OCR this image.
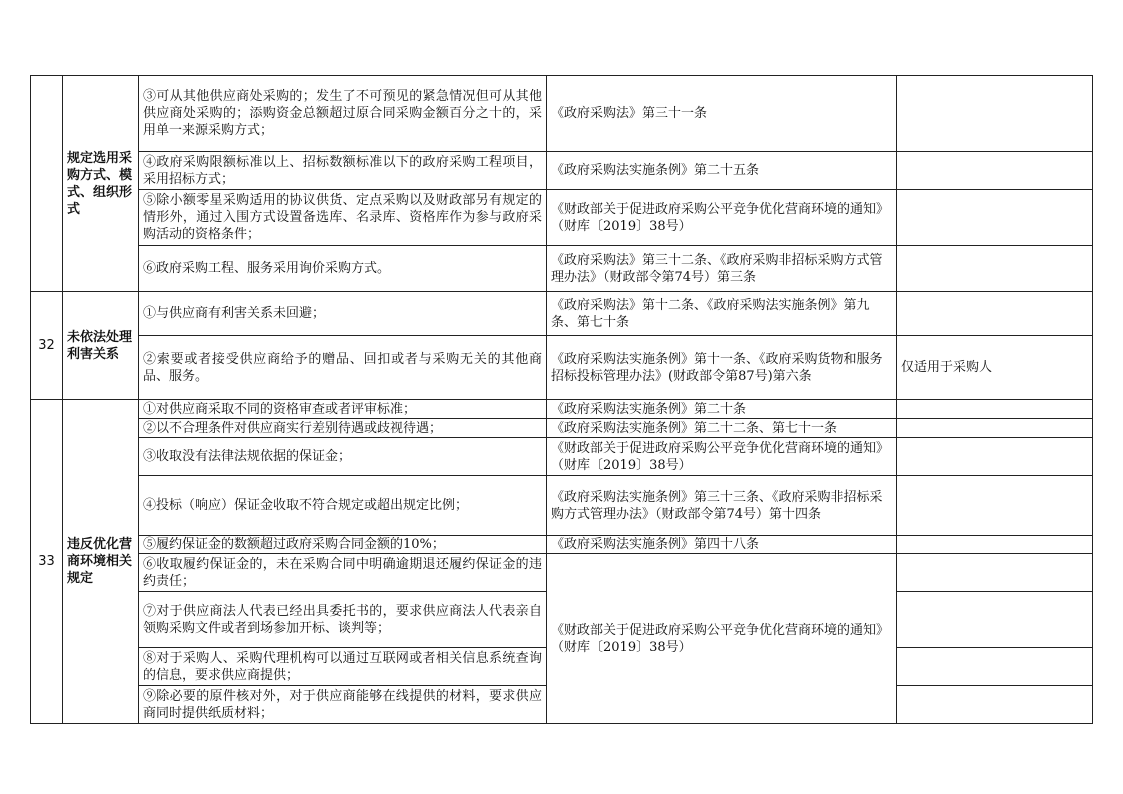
	规定选用采购方式、模式、组织形式	③可从其他供应商处采购的；发生了不可预见的紧急情况但可从其他供应商处采购的；添购资金总额超过原合同采购金额百分之十的，采用单一来源采购方式；	《政府采购法》第三十一条	
		④政府采购限额标准以上、招标数额标准以下的政府采购工程项目，采用招标方式；	《政府采购法实施条例》第二十五条	
		⑤除小额零星采购适用的协议供货、定点采购以及财政部另有规定的情形外，通过入围方式设置备选库、名录库、资格库作为参与政府采购活动的资格条件；	《财政部关于促进政府采购公平竞争优化营商环境的通知》（财库〔2019〕38号）	
		⑥政府采购工程、服务采用询价采购方式。	《政府采购法》第三十二条、《政府采购非招标采购方式管理办法》（财政部令第74号）第三条	
32	未依法处理利害关系	①与供应商有利害关系未回避；	《政府采购法》第十二条、《政府采购法实施条例》第九条、第七十条	
		②索要或者接受供应商给予的赠品、回扣或者与采购无关的其他商品、服务。	《政府采购法实施条例》第十一条、《政府采购货物和服务招标投标管理办法》(财政部令第87号)第六条	仅适用于采购人
33	违反优化营商环境相关规定	①对供应商采取不同的资格审查或者评审标准；	《政府采购法实施条例》第二十条	
		②以不合理条件对供应商实行差别待遇或歧视待遇；	《政府采购法实施条例》第二十二条、第七十一条	
		③收取没有法律法规依据的保证金；	《财政部关于促进政府采购公平竞争优化营商环境的通知》（财库〔2019〕38号）	
		④投标（响应）保证金收取不符合规定或超出规定比例；	《政府采购法实施条例》第三十三条、《政府采购非招标采购方式管理办法》（财政部令第74号）第十四条	
		⑤履约保证金的数额超过政府采购合同金额的10%；	《政府采购法实施条例》第四十八条	
		⑥收取履约保证金的，未在采购合同中明确逾期退还履约保证金的违约责任；	《财政部关于促进政府采购公平竞争优化营商环境的通知》（财库〔2019〕38号）	
		⑦对于供应商法人代表已经出具委托书的，要求供应商法人代表亲自领购采购文件或者到场参加开标、谈判等；		
		⑧对于采购人、采购代理机构可以通过互联网或者相关信息系统查询的信息，要求供应商提供；		
		⑨除必要的原件核对外，对于供应商能够在线提供的材料，要求供应商同时提供纸质材料；		
